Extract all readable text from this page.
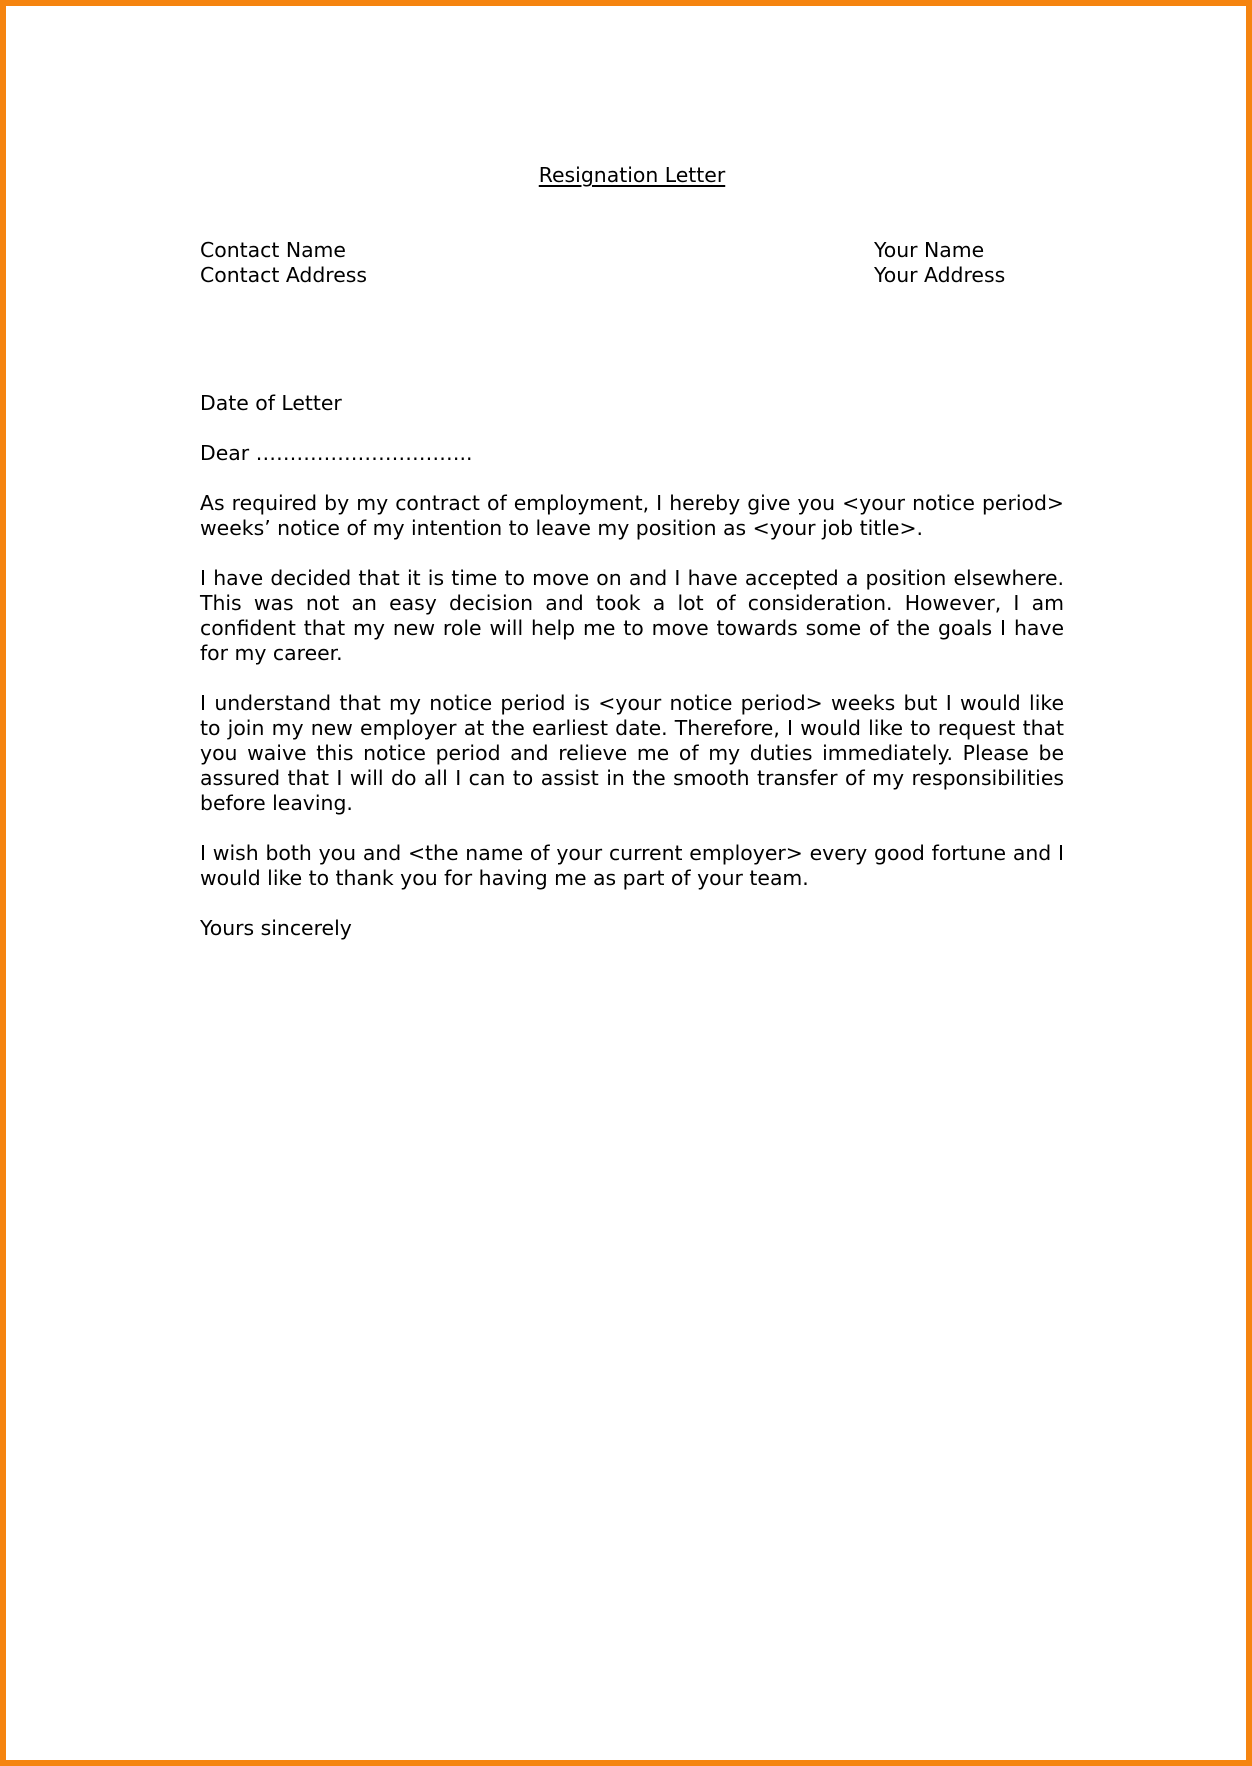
Resignation Letter
Contact Name
Contact Address
Your Name
Your Address
Date of Letter
Dear …………………………..

As required by my contract of employment, I hereby give you <your notice period> weeks’ notice of my intention to leave my position as <your job title>.

I have decided that it is time to move on and I have accepted a position elsewhere. This was not an easy decision and took a lot of consideration. However, I am confident that my new role will help me to move towards some of the goals I have for my career.

I understand that my notice period is <your notice period> weeks but I would like to join my new employer at the earliest date. Therefore, I would like to request that you waive this notice period and relieve me of my duties immediately. Please be assured that I will do all I can to assist in the smooth transfer of my responsibilities before leaving.

I wish both you and <the name of your current employer> every good fortune and I would like to thank you for having me as part of your team.

Yours sincerely
